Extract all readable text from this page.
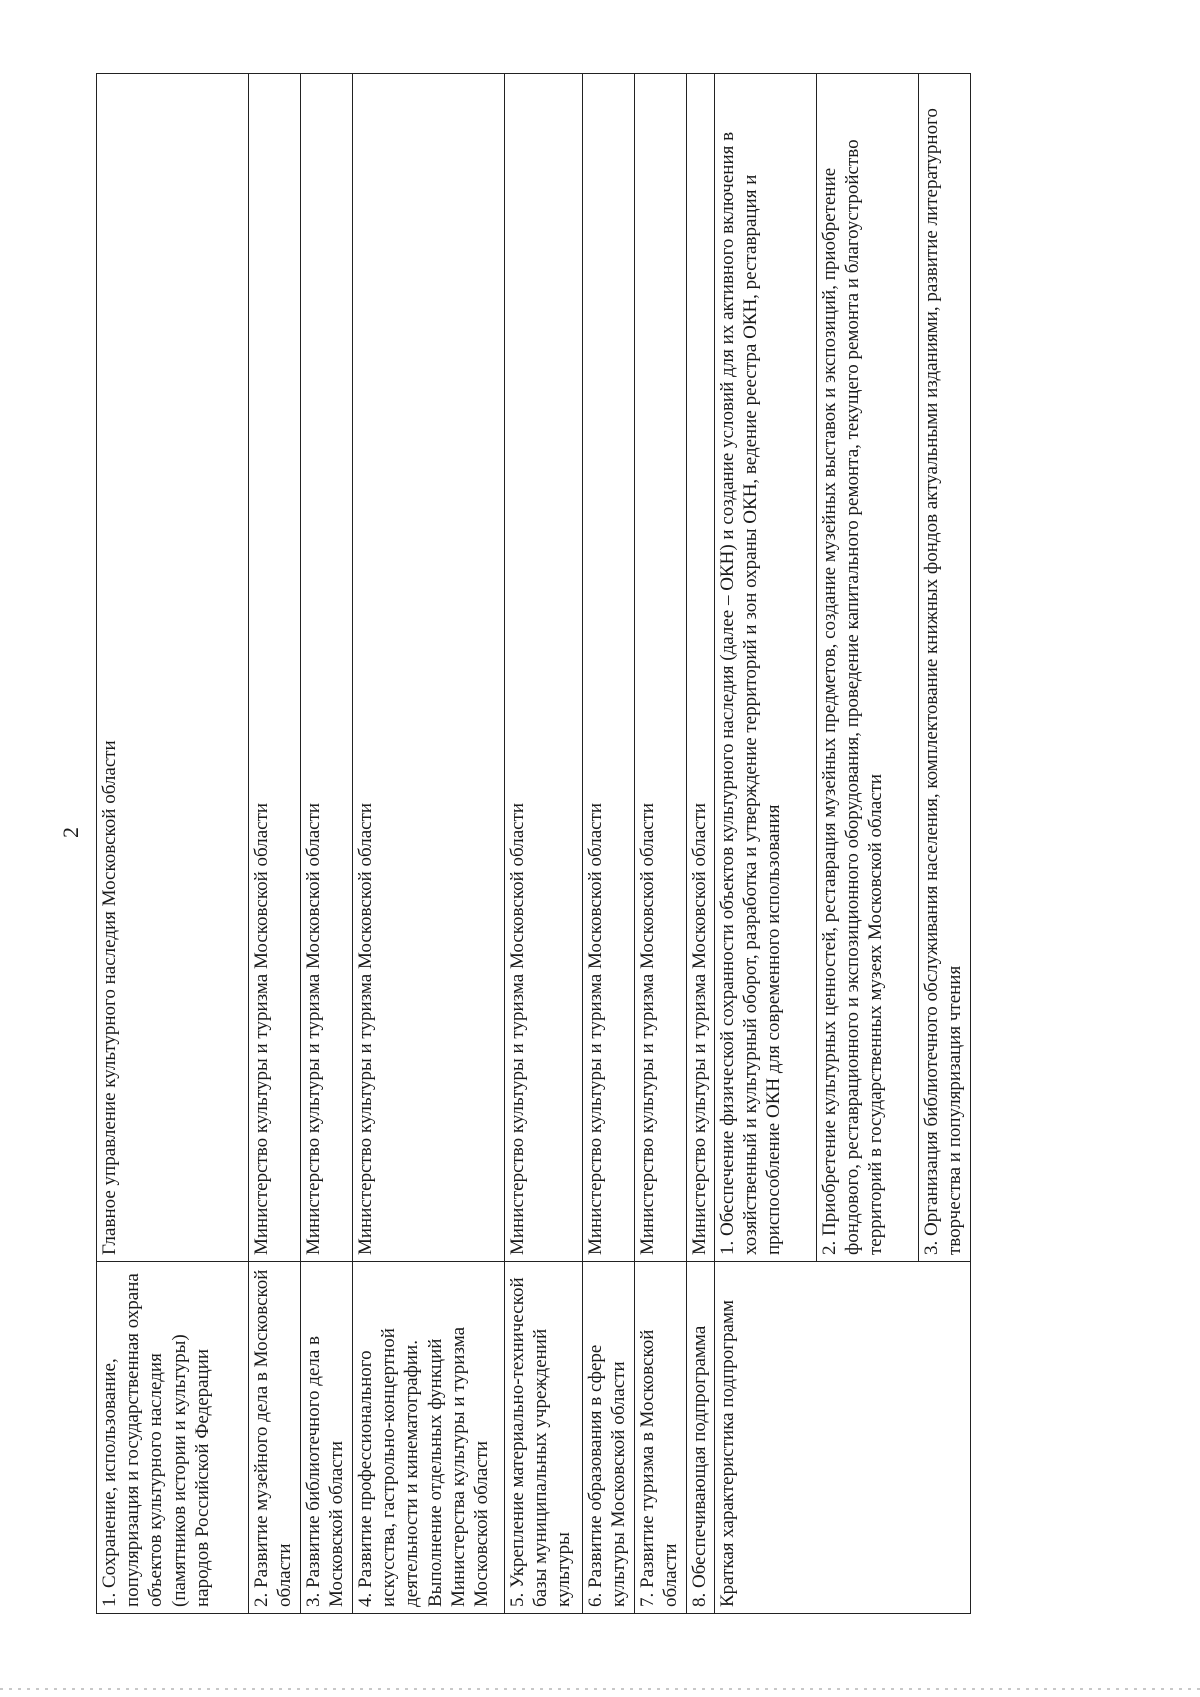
2
1. Сохранение, использование, популяризация и государственная охрана объектов культурного наследия (памятников истории и культуры) народов Российской Федерации	Главное управление культурного наследия Московской области
2. Развитие музейного дела в Московской области	Министерство культуры и туризма Московской области
3. Развитие библиотечного дела в Московской области	Министерство культуры и туризма Московской области
4. Развитие профессионального искусства, гастрольно-концертной деятельности и кинематографии. Выполнение отдельных функций Министерства культуры и туризма Московской области	Министерство культуры и туризма Московской области
5. Укрепление материально-технической базы муниципальных учреждений культуры	Министерство культуры и туризма Московской области
6. Развитие образования в сфере культуры Московской области	Министерство культуры и туризма Московской области
7. Развитие туризма в Московской области	Министерство культуры и туризма Московской области
8. Обеспечивающая подпрограмма	Министерство культуры и туризма Московской области
Краткая характеристика подпрограмм	1. Обеспечение физической сохранности объектов культурного наследия (далее – ОКН) и создание условий для их активного включения в хозяйственный и культурный оборот, разработка и утверждение территорий и зон охраны ОКН, ведение реестра ОКН, реставрация и приспособление ОКН для современного использования
	2. Приобретение культурных ценностей, реставрация музейных предметов, создание музейных выставок и экспозиций, приобретение фондового, реставрационного и экспозиционного оборудования, проведение капитального ремонта, текущего ремонта и благоустройство территорий в государственных музеях Московской области
	3. Организация библиотечного обслуживания населения, комплектование книжных фондов актуальными изданиями, развитие литературного творчества и популяризация чтения
